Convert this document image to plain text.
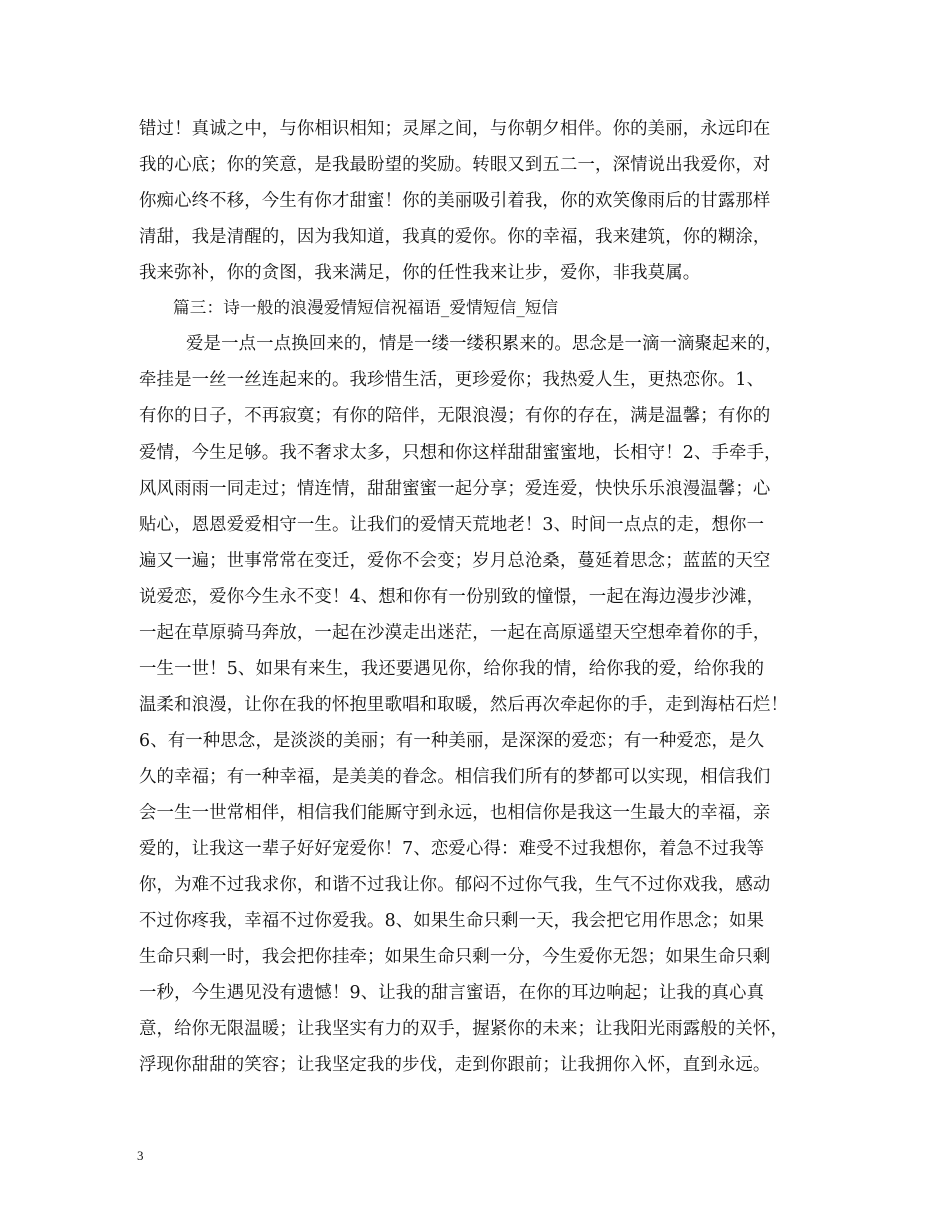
错过！真诚之中，与你相识相知；灵犀之间，与你朝夕相伴。你的美丽，永远印在
我的心底；你的笑意，是我最盼望的奖励。转眼又到五二一，深情说出我爱你，对
你痴心终不移，今生有你才甜蜜！你的美丽吸引着我，你的欢笑像雨后的甘露那样
清甜，我是清醒的，因为我知道，我真的爱你。你的幸福，我来建筑，你的糊涂，
我来弥补，你的贪图，我来满足，你的任性我来让步，爱你，非我莫属。
篇三：诗一般的浪漫爱情短信祝福语_爱情短信_短信
爱是一点一点换回来的，情是一缕一缕积累来的。思念是一滴一滴聚起来的，
牵挂是一丝一丝连起来的。我珍惜生活，更珍爱你；我热爱人生，更热恋你。1、
有你的日子，不再寂寞；有你的陪伴，无限浪漫；有你的存在，满是温馨；有你的
爱情，今生足够。我不奢求太多，只想和你这样甜甜蜜蜜地，长相守！2、手牵手，
风风雨雨一同走过；情连情，甜甜蜜蜜一起分享；爱连爱，快快乐乐浪漫温馨；心
贴心，恩恩爱爱相守一生。让我们的爱情天荒地老！3、时间一点点的走，想你一
遍又一遍；世事常常在变迁，爱你不会变；岁月总沧桑，蔓延着思念；蓝蓝的天空
说爱恋，爱你今生永不变！4、想和你有一份别致的憧憬，一起在海边漫步沙滩，
一起在草原骑马奔放，一起在沙漠走出迷茫，一起在高原遥望天空想牵着你的手，
一生一世！5、如果有来生，我还要遇见你，给你我的情，给你我的爱，给你我的
温柔和浪漫，让你在我的怀抱里歌唱和取暖，然后再次牵起你的手，走到海枯石烂！
6、有一种思念，是淡淡的美丽；有一种美丽，是深深的爱恋；有一种爱恋，是久
久的幸福；有一种幸福，是美美的眷念。相信我们所有的梦都可以实现，相信我们
会一生一世常相伴，相信我们能厮守到永远，也相信你是我这一生最大的幸福，亲
爱的，让我这一辈子好好宠爱你！7、恋爱心得：难受不过我想你，着急不过我等
你，为难不过我求你，和谐不过我让你。郁闷不过你气我，生气不过你戏我，感动
不过你疼我，幸福不过你爱我。8、如果生命只剩一天，我会把它用作思念；如果
生命只剩一时，我会把你挂牵；如果生命只剩一分，今生爱你无怨；如果生命只剩
一秒，今生遇见没有遗憾！9、让我的甜言蜜语，在你的耳边响起；让我的真心真
意，给你无限温暖；让我坚实有力的双手，握紧你的未来；让我阳光雨露般的关怀，
浮现你甜甜的笑容；让我坚定我的步伐，走到你跟前；让我拥你入怀，直到永远。
3
